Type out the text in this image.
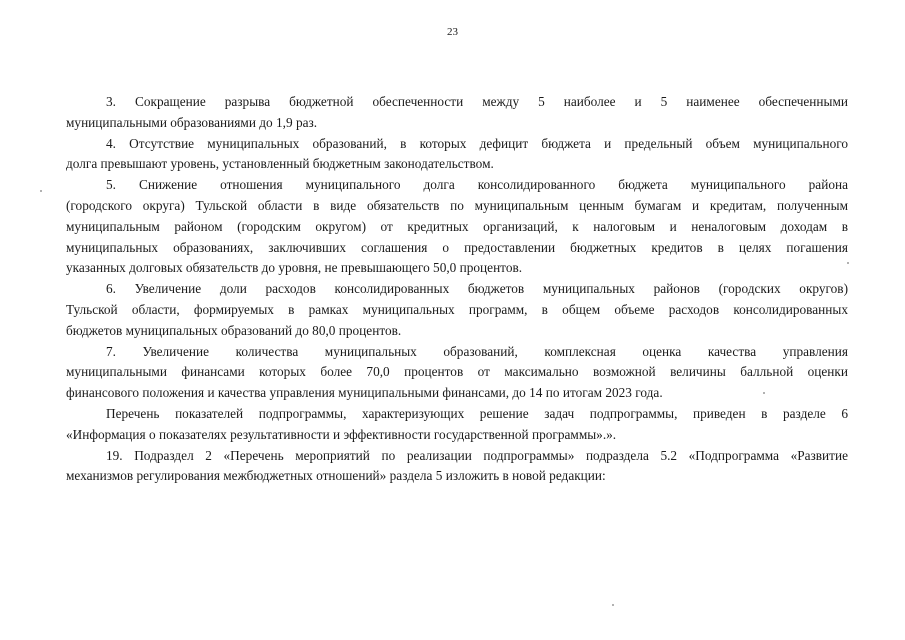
23

3. Сокращение разрыва бюджетной обеспеченности между 5 наиболее и 5 наименее обеспеченными
муниципальными образованиями до 1,9 раз.

4. Отсутствие муниципальных образований, в которых дефицит бюджета и предельный объем муниципального
долга превышают уровень, установленный бюджетным законодательством.

5. Снижение отношения муниципального долга консолидированного бюджета муниципального района
(городского округа) Тульской области в виде обязательств по муниципальным ценным бумагам и кредитам, полученным
муниципальным районом (городским округом) от кредитных организаций, к налоговым и неналоговым доходам в
муниципальных образованиях, заключивших соглашения о предоставлении бюджетных кредитов в целях погашения
указанных долговых обязательств до уровня, не превышающего 50,0 процентов.

6. Увеличение доли расходов консолидированных бюджетов муниципальных районов (городских округов)
Тульской области, формируемых в рамках муниципальных программ, в общем объеме расходов консолидированных
бюджетов муниципальных образований до 80,0 процентов.

7. Увеличение количества муниципальных образований, комплексная оценка качества управления
муниципальными финансами которых более 70,0 процентов от максимально возможной величины балльной оценки
финансового положения и качества управления муниципальными финансами, до 14 по итогам 2023 года.

Перечень показателей подпрограммы, характеризующих решение задач подпрограммы, приведен в разделе 6
«Информация о показателях результативности и эффективности государственной программы».».

19. Подраздел 2 «Перечень мероприятий по реализации подпрограммы» подраздела 5.2 «Подпрограмма «Развитие
механизмов регулирования межбюджетных отношений» раздела 5 изложить в новой редакции:
